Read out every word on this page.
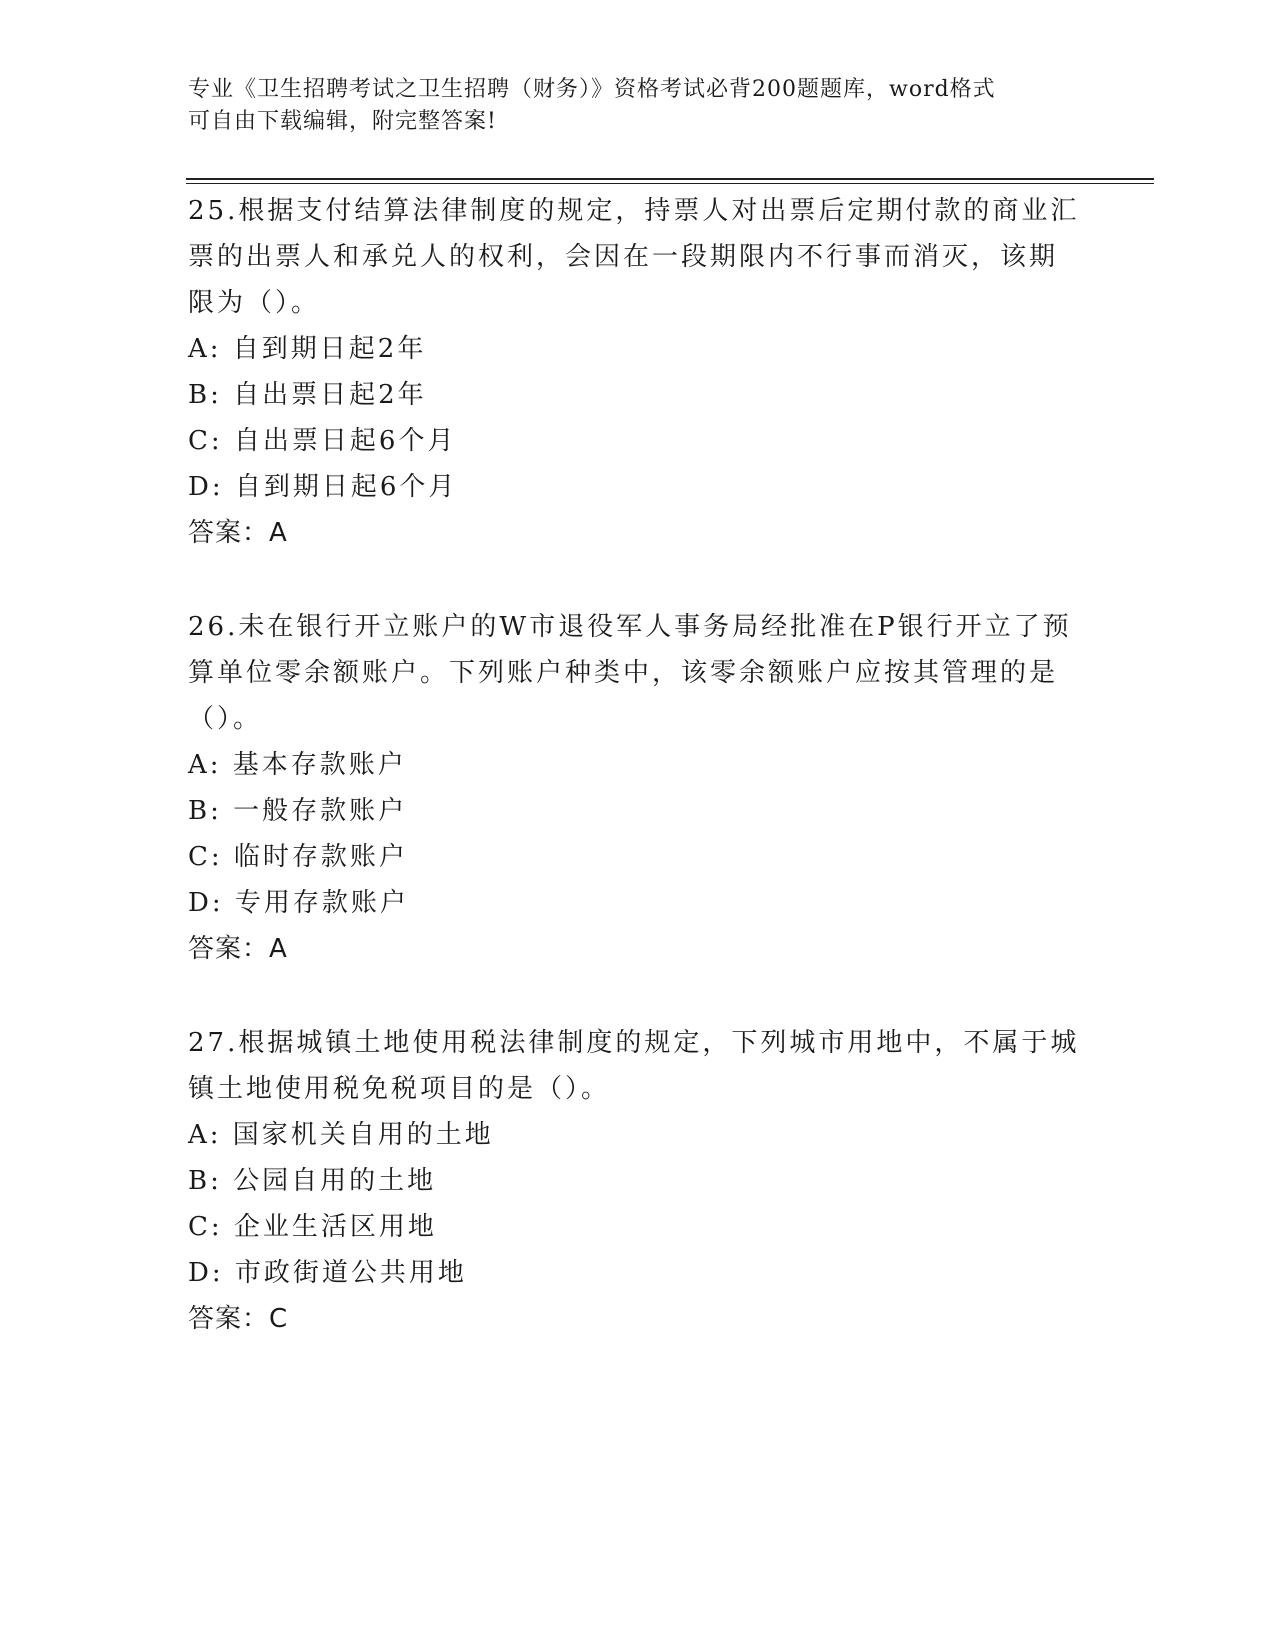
专业《卫生招聘考试之卫生招聘（财务）》资格考试必背200题题库，word格式
可自由下载编辑，附完整答案!

25.根据支付结算法律制度的规定，持票人对出票后定期付款的商业汇

票的出票人和承兑人的权利，会因在一段期限内不行事而消灭，该期

限为（）。

A: 自到期日起2年

B: 自出票日起2年

C: 自出票日起6个月

D: 自到期日起6个月

答案：A

26.未在银行开立账户的W市退役军人事务局经批准在P银行开立了预

算单位零余额账户。下列账户种类中，该零余额账户应按其管理的是

（）。

A: 基本存款账户

B: 一般存款账户

C: 临时存款账户

D: 专用存款账户

答案：A

27.根据城镇土地使用税法律制度的规定，下列城市用地中，不属于城

镇土地使用税免税项目的是（）。

A: 国家机关自用的土地

B: 公园自用的土地

C: 企业生活区用地

D: 市政街道公共用地

答案：C
